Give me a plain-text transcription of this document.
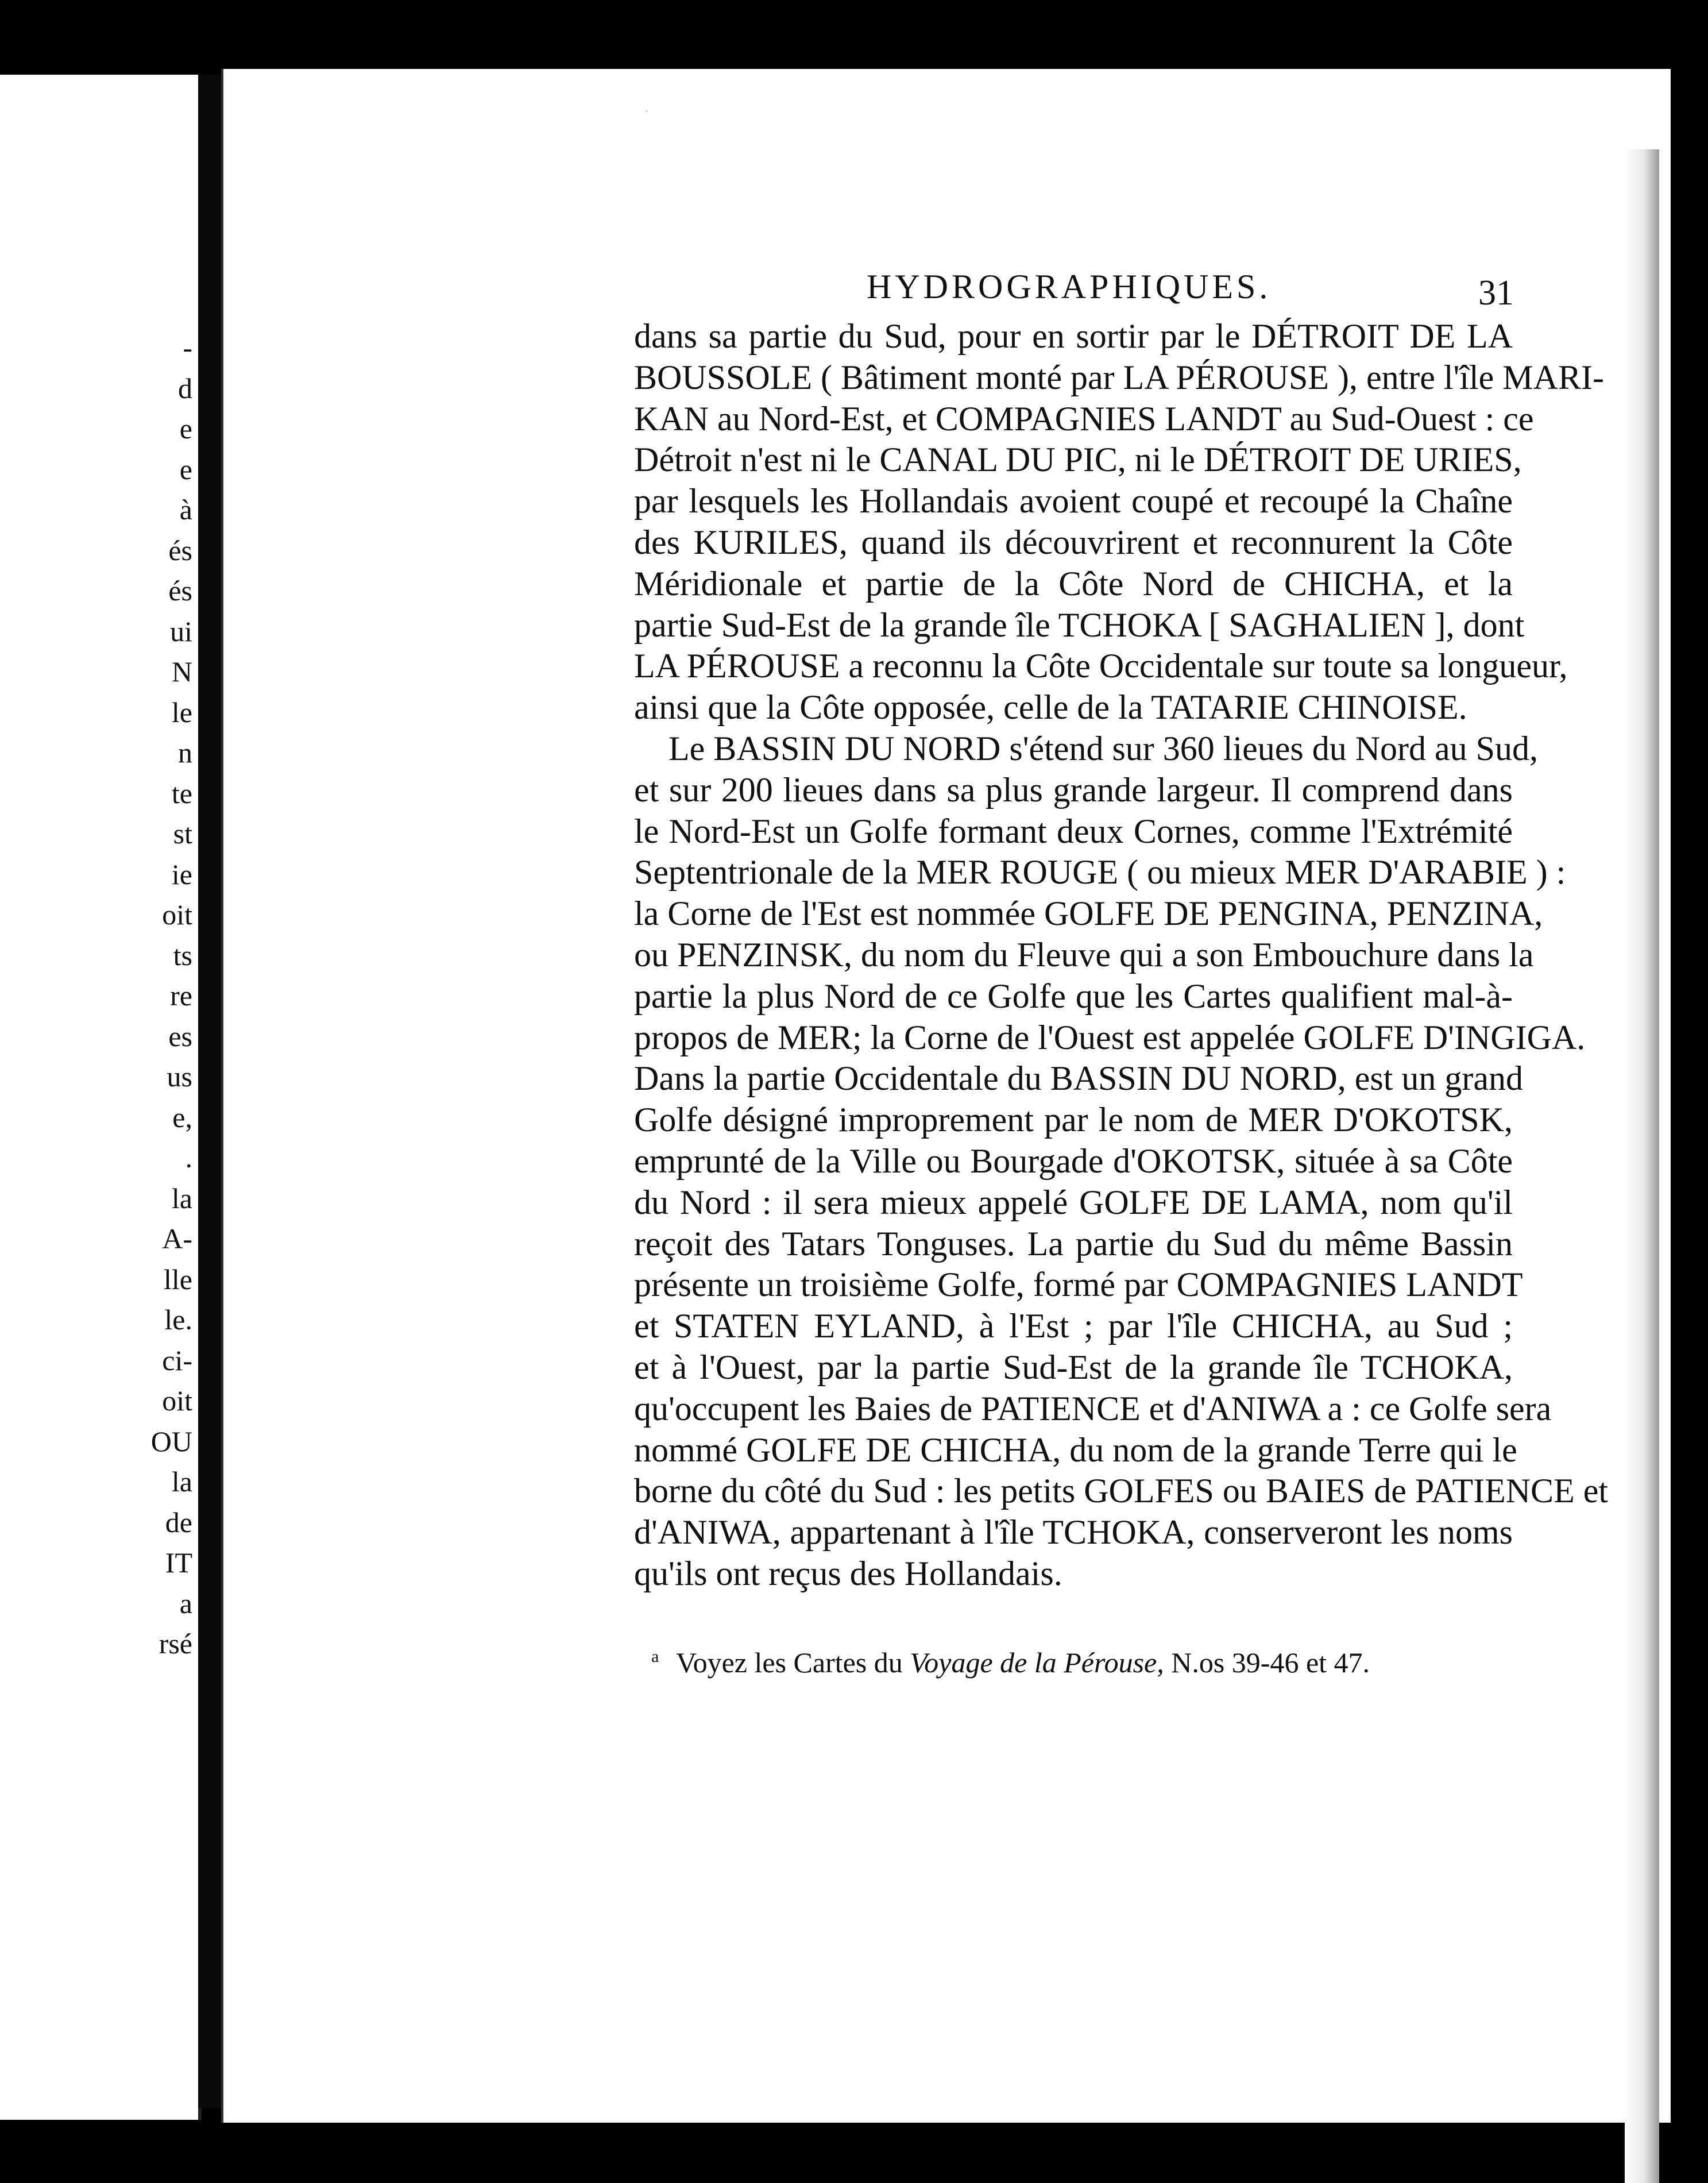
-
d
e
e
à
és
és
ui
N
le
n
te
st
ie
oit
ts
re
es
us
e,
.
la
A-
lle
le.
ci-
oit
OU
la
de
IT
a
rsé
·
HYDROGRAPHIQUES.	31
dans sa partie du Sud, pour en sortir par le DÉTROIT DE LA
BOUSSOLE ( Bâtiment monté par LA PÉROUSE ), entre l'île MARI-
KAN au Nord-Est, et COMPAGNIES LANDT au Sud-Ouest : ce
Détroit n'est ni le CANAL DU PIC, ni le DÉTROIT DE URIES,
par lesquels les Hollandais avoient coupé et recoupé la Chaîne
des KURILES, quand ils découvrirent et reconnurent la Côte
Méridionale et partie de la Côte Nord de CHICHA, et la
partie Sud-Est de la grande île TCHOKA [ SAGHALIEN ], dont
LA PÉROUSE a reconnu la Côte Occidentale sur toute sa longueur,
ainsi que la Côte opposée, celle de la TATARIE CHINOISE.
Le BASSIN DU NORD s'étend sur 360 lieues du Nord au Sud,
et sur 200 lieues dans sa plus grande largeur. Il comprend dans
le Nord-Est un Golfe formant deux Cornes, comme l'Extrémité
Septentrionale de la MER ROUGE ( ou mieux MER D'ARABIE ) :
la Corne de l'Est est nommée GOLFE DE PENGINA, PENZINA,
ou PENZINSK, du nom du Fleuve qui a son Embouchure dans la
partie la plus Nord de ce Golfe que les Cartes qualifient mal-à-
propos de MER; la Corne de l'Ouest est appelée GOLFE D'INGIGA.
Dans la partie Occidentale du BASSIN DU NORD, est un grand
Golfe désigné improprement par le nom de MER D'OKOTSK,
emprunté de la Ville ou Bourgade d'OKOTSK, située à sa Côte
du Nord : il sera mieux appelé GOLFE DE LAMA, nom qu'il
reçoit des Tatars Tonguses. La partie du Sud du même Bassin
présente un troisième Golfe, formé par COMPAGNIES LANDT
et STATEN EYLAND, à l'Est ; par l'île CHICHA, au Sud ;
et à l'Ouest, par la partie Sud-Est de la grande île TCHOKA,
qu'occupent les Baies de PATIENCE et d'ANIWA a : ce Golfe sera
nommé GOLFE DE CHICHA, du nom de la grande Terre qui le
borne du côté du Sud : les petits GOLFES ou BAIES de PATIENCE et
d'ANIWA, appartenant à l'île TCHOKA, conserveront les noms
qu'ils ont reçus des Hollandais.
$^a$ Voyez les Cartes du Voyage de la Pérouse, N.os 39-46 et 47.
